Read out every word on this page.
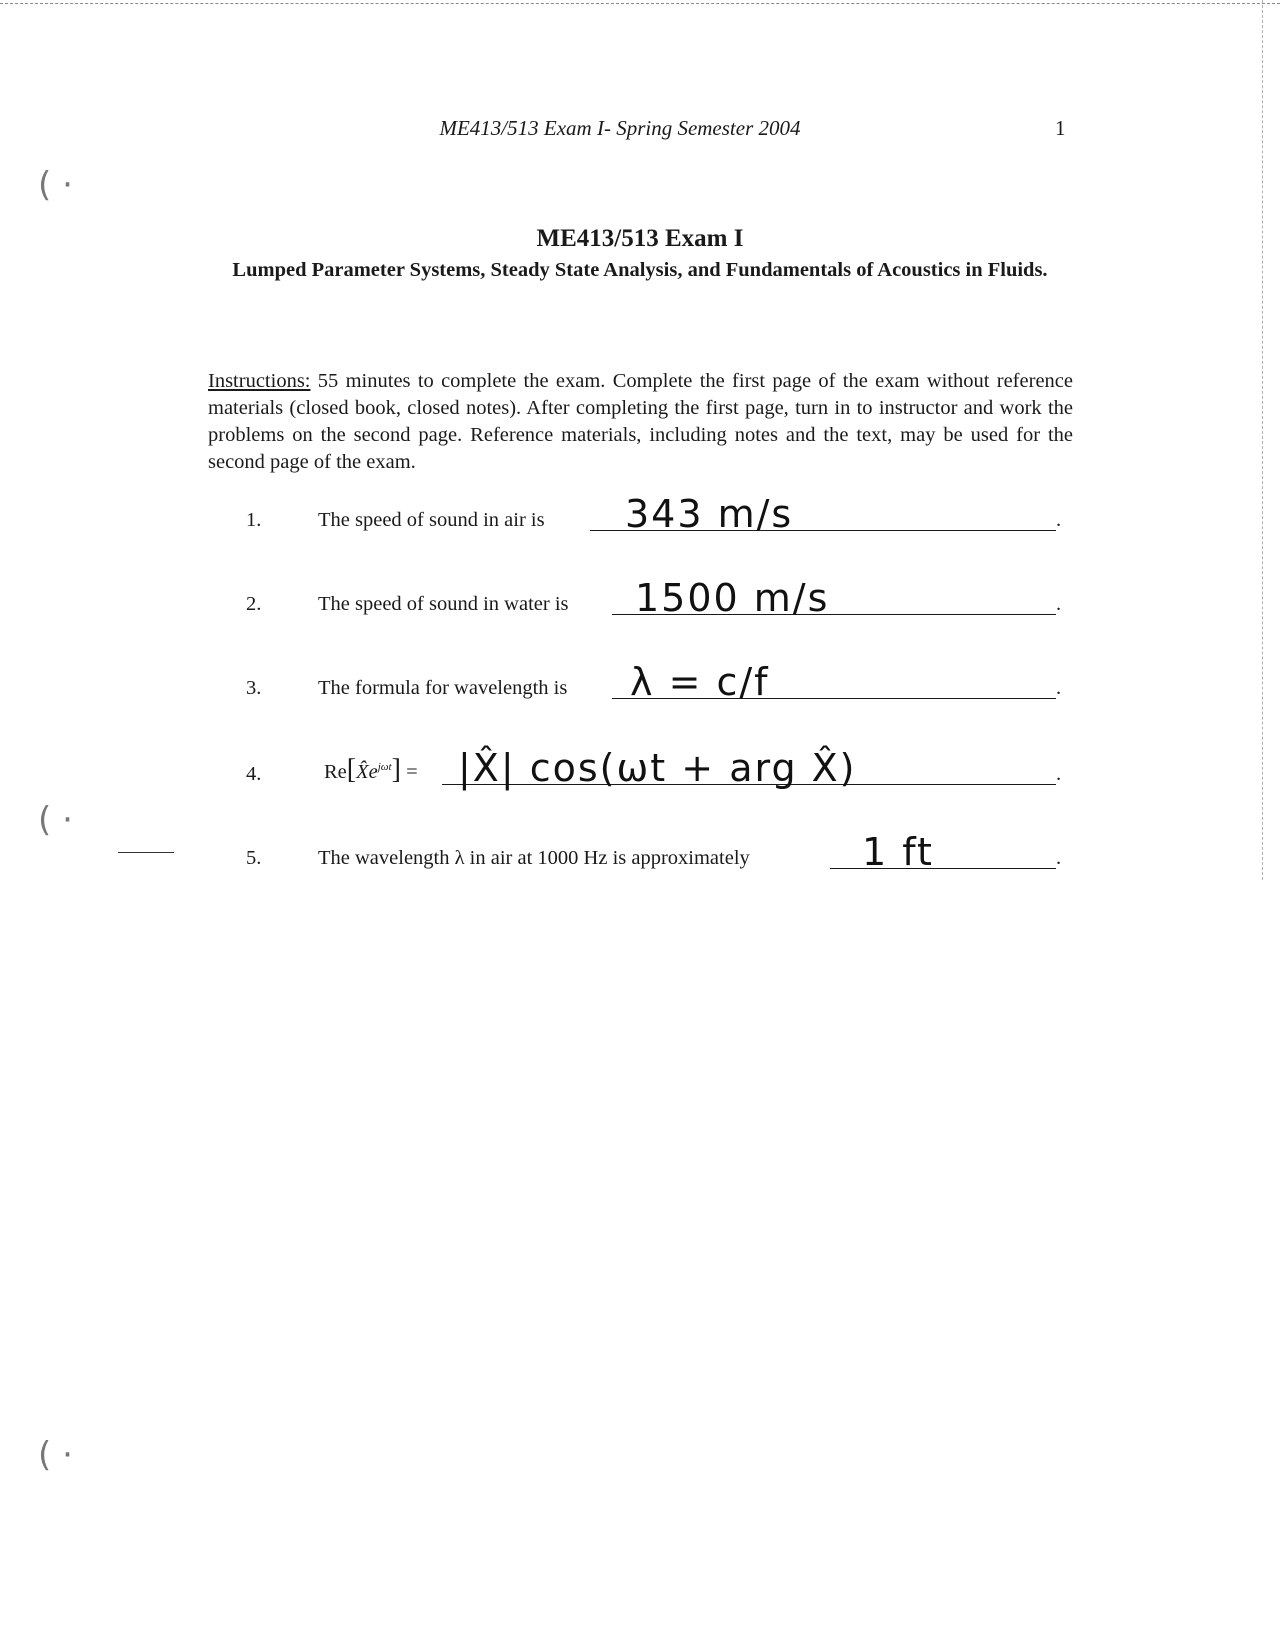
( ·
( ·
( ·
ME413/513 Exam I- Spring Semester 2004	1
ME413/513 Exam I
Lumped Parameter Systems, Steady State Analysis, and Fundamentals of Acoustics in Fluids.
Instructions: 55 minutes to complete the exam. Complete the first page of the exam without reference materials (closed book, closed notes). After completing the first page, turn in to instructor and work the problems on the second page. Reference materials, including notes and the text, may be used for the second page of the exam.
1.	The speed of sound in air is 343 m/s	.
2.	The speed of sound in water is 1500 m/s	.
3.	The formula for wavelength is λ = c/f	.
4.	$Re[X̂e^{j\omega t}]$ = |X̂| cos(ωt + arg X̂)	.
5.	The wavelength λ in air at 1000 Hz is approximately	1 ft	.
